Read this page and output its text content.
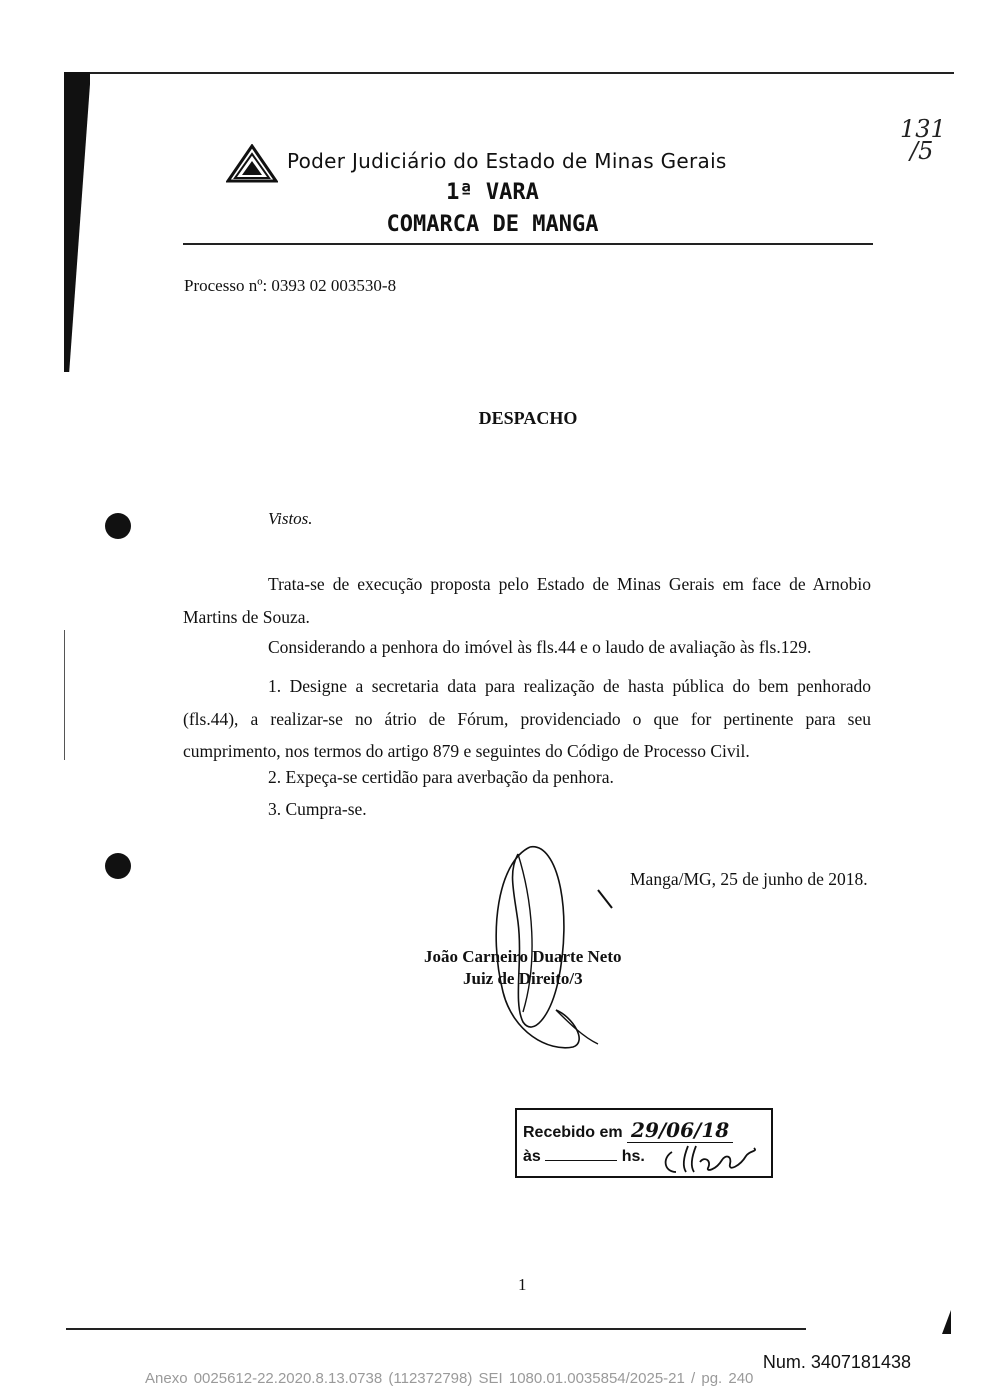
Poder Judiciário do Estado de Minas Gerais
1ª VARA
COMARCA DE MANGA
131
/5
Processo nº: 0393 02 003530-8
DESPACHO
Vistos.
Trata-se de execução proposta pelo Estado de Minas Gerais em face de Arnobio Martins de Souza.
Considerando a penhora do imóvel às fls.44 e o laudo de avaliação às fls.129.
1. Designe a secretaria data para realização de hasta pública do bem penhorado (fls.44), a realizar-se no átrio de Fórum, providenciado o que for pertinente para seu cumprimento, nos termos do artigo 879 e seguintes do Código de Processo Civil.
2. Expeça-se certidão para averbação da penhora.
3. Cumpra-se.
Manga/MG, 25 de junho de 2018.
João Carneiro Duarte Neto
Juiz de Direito/3
Recebido em 29/06/18
às	hs.
1
Num. 3407181438
Anexo 0025612-22.2020.8.13.0738 (112372798) SEI 1080.01.0035854/2025-21 / pg. 240
